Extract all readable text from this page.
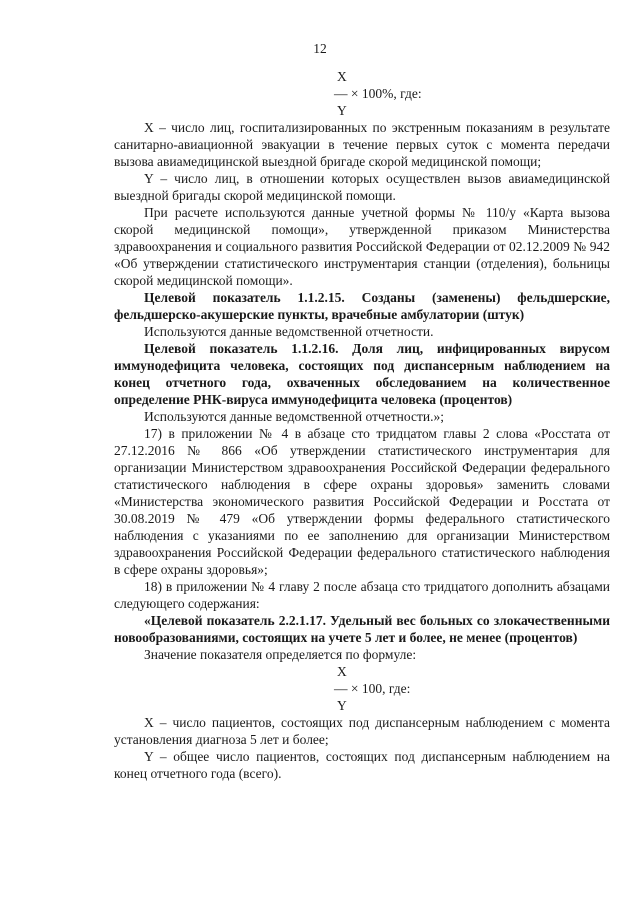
12
X
— × 100%, где:
Y

X – число лиц, госпитализированных по экстренным показаниям в результате санитарно-авиационной эвакуации в течение первых суток с момента передачи вызова авиамедицинской выездной бригаде скорой медицинской помощи;

Y – число лиц, в отношении которых осуществлен вызов авиамедицинской выездной бригады скорой медицинской помощи.

При расчете используются данные учетной формы № 110/у «Карта вызова скорой медицинской помощи», утвержденной приказом Министерства здравоохранения и социального развития Российской Федерации от 02.12.2009 № 942 «Об утверждении статистического инструментария станции (отделения), больницы скорой медицинской помощи».

Целевой показатель 1.1.2.15. Созданы (заменены) фельдшерские, фельдшерско-акушерские пункты, врачебные амбулатории (штук)

Используются данные ведомственной отчетности.

Целевой показатель 1.1.2.16. Доля лиц, инфицированных вирусом иммунодефицита человека, состоящих под диспансерным наблюдением на конец отчетного года, охваченных обследованием на количественное определение РНК-вируса иммунодефицита человека (процентов)

Используются данные ведомственной отчетности.»;

17) в приложении № 4 в абзаце сто тридцатом главы 2 слова «Росстата от 27.12.2016 № 866 «Об утверждении статистического инструментария для организации Министерством здравоохранения Российской Федерации федерального статистического наблюдения в сфере охраны здоровья» заменить словами «Министерства экономического развития Российской Федерации и Росстата от 30.08.2019 № 479 «Об утверждении формы федерального статистического наблюдения с указаниями по ее заполнению для организации Министерством здравоохранения Российской Федерации федерального статистического наблюдения в сфере охраны здоровья»;

18) в приложении № 4 главу 2 после абзаца сто тридцатого дополнить абзацами следующего содержания:

«Целевой показатель 2.2.1.17. Удельный вес больных со злокачественными новообразованиями, состоящих на учете 5 лет и более, не менее (процентов)

Значение показателя определяется по формуле:

X
— × 100, где:
Y

X – число пациентов, состоящих под диспансерным наблюдением с момента установления диагноза 5 лет и более;

Y – общее число пациентов, состоящих под диспансерным наблюдением на конец отчетного года (всего).
